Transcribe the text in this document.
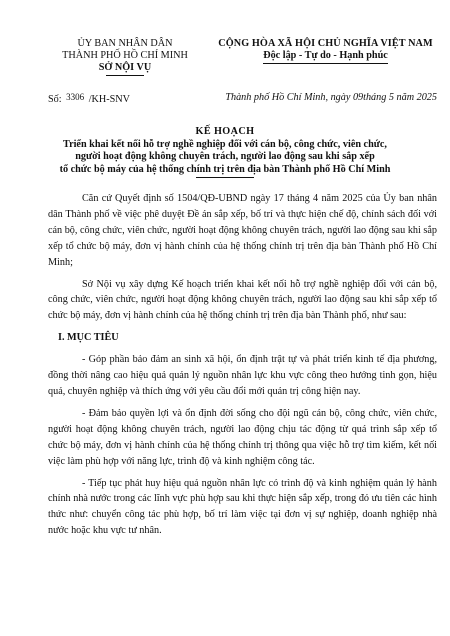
ỦY BAN NHÂN DÂN
THÀNH PHỐ HỒ CHÍ MINH
SỞ NỘI VỤ
CỘNG HÒA XÃ HỘI CHỦ NGHĨA VIỆT NAM
Độc lập - Tự do - Hạnh phúc
Số: 3306 /KH-SNV	Thành phố Hồ Chí Minh, ngày 09tháng 5 năm 2025
KẾ HOẠCH
Triển khai kết nối hỗ trợ nghề nghiệp đối với cán bộ, công chức, viên chức,
người hoạt động không chuyên trách, người lao động sau khi sắp xếp
tổ chức bộ máy của hệ thống chính trị trên địa bàn Thành phố Hồ Chí Minh

Căn cứ Quyết định số 1504/QĐ-UBND ngày 17 tháng 4 năm 2025 của Ủy ban nhân dân Thành phố về việc phê duyệt Đề án sắp xếp, bố trí và thực hiện chế độ, chính sách đối với cán bộ, công chức, viên chức, người hoạt động không chuyên trách, người lao động sau khi sắp xếp tổ chức bộ máy, đơn vị hành chính của hệ thống chính trị trên địa bàn Thành phố Hồ Chí Minh;

Sở Nội vụ xây dựng Kế hoạch triển khai kết nối hỗ trợ nghề nghiệp đối với cán bộ, công chức, viên chức, người hoạt động không chuyên trách, người lao động sau khi sắp xếp tổ chức bộ máy, đơn vị hành chính của hệ thống chính trị trên địa bàn Thành phố, như sau:

I. MỤC TIÊU

- Góp phần bảo đảm an sinh xã hội, ổn định trật tự và phát triển kinh tế địa phương, đồng thời nâng cao hiệu quả quản lý nguồn nhân lực khu vực công theo hướng tinh gọn, hiệu quả, chuyên nghiệp và thích ứng với yêu cầu đổi mới quản trị công hiện nay.

- Đảm bảo quyền lợi và ổn định đời sống cho đội ngũ cán bộ, công chức, viên chức, người hoạt động không chuyên trách, người lao động chịu tác động từ quá trình sắp xếp tổ chức bộ máy, đơn vị hành chính của hệ thống chính trị thông qua việc hỗ trợ tìm kiếm, kết nối việc làm phù hợp với năng lực, trình độ và kinh nghiệm công tác.

- Tiếp tục phát huy hiệu quả nguồn nhân lực có trình độ và kinh nghiệm quản lý hành chính nhà nước trong các lĩnh vực phù hợp sau khi thực hiện sắp xếp, trong đó ưu tiên các hình thức như: chuyển công tác phù hợp, bố trí làm việc tại đơn vị sự nghiệp, doanh nghiệp nhà nước hoặc khu vực tư nhân.
